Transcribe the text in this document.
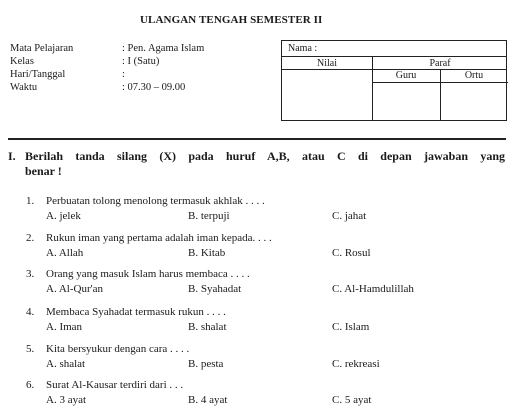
ULANGAN TENGAH SEMESTER II
Mata Pelajaran	: Pen. Agama Islam
Kelas	: I (Satu)
Hari/Tanggal	:
Waktu	: 07.30 – 09.00
Nama :
Nilai	Paraf
Guru	Ortu
I. Berilah tanda silang (X) pada huruf A,B, atau C di depan jawaban yang
benar !
1.	Perbuatan tolong menolong termasuk akhlak . . . .
A. jelek	B. terpuji	C. jahat
2.	Rukun iman yang pertama adalah iman kepada. . . .
A. Allah	B. Kitab	C. Rosul
3.	Orang yang masuk Islam harus membaca . . . .
A. Al-Qur'an	B. Syahadat	C. Al-Hamdulillah
4.	Membaca Syahadat termasuk rukun . . . .
A. Iman	B. shalat	C. Islam
5.	Kita bersyukur dengan cara . . . .
A. shalat	B. pesta	C. rekreasi
6.	Surat Al-Kausar terdiri dari . . .
A. 3 ayat	B. 4 ayat	C. 5 ayat
